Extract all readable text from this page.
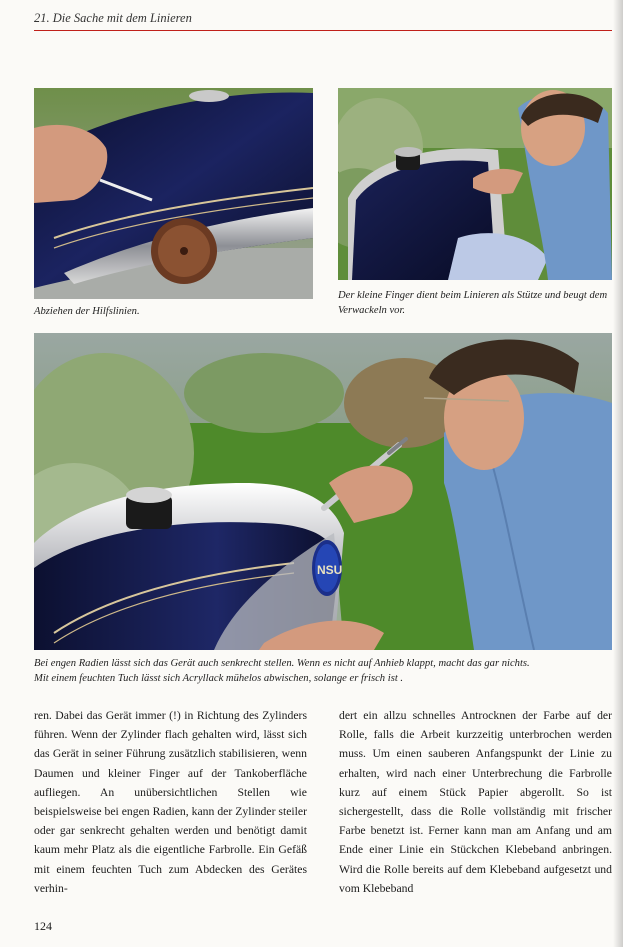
21. Die Sache mit dem Linieren
Abziehen der Hilfslinien.
Der kleine Finger dient beim Linieren als Stütze und beugt dem Verwackeln vor.
NSU
Bei engen Radien lässt sich das Gerät auch senkrecht stellen. Wenn es nicht auf Anhieb klappt, macht das gar nichts.
Mit einem feuchten Tuch lässt sich Acryllack mühelos abwischen, solange er frisch ist .

ren. Dabei das Gerät immer (!) in Richtung des Zylinders führen. Wenn der Zylinder flach gehalten wird, lässt sich das Gerät in seiner Führung zusätzlich stabilisieren, wenn Daumen und kleiner Finger auf der Tankoberfläche aufliegen. An unübersichtlichen Stellen wie beispielsweise bei engen Radien, kann der Zylinder steiler oder gar senkrecht gehalten werden und benötigt damit kaum mehr Platz als die eigentliche Farbrolle. Ein Gefäß mit einem feuchten Tuch zum Abdecken des Gerätes verhin-

dert ein allzu schnelles Antrocknen der Farbe auf der Rolle, falls die Arbeit kurzzeitig unterbrochen werden muss. Um einen sauberen Anfangspunkt der Linie zu erhalten, wird nach einer Unterbrechung die Farbrolle kurz auf einem Stück Papier abgerollt. So ist sichergestellt, dass die Rolle vollständig mit frischer Farbe benetzt ist. Ferner kann man am Anfang und am Ende einer Linie ein Stückchen Klebeband anbringen. Wird die Rolle bereits auf dem Klebeband aufgesetzt und vom Klebeband

124
